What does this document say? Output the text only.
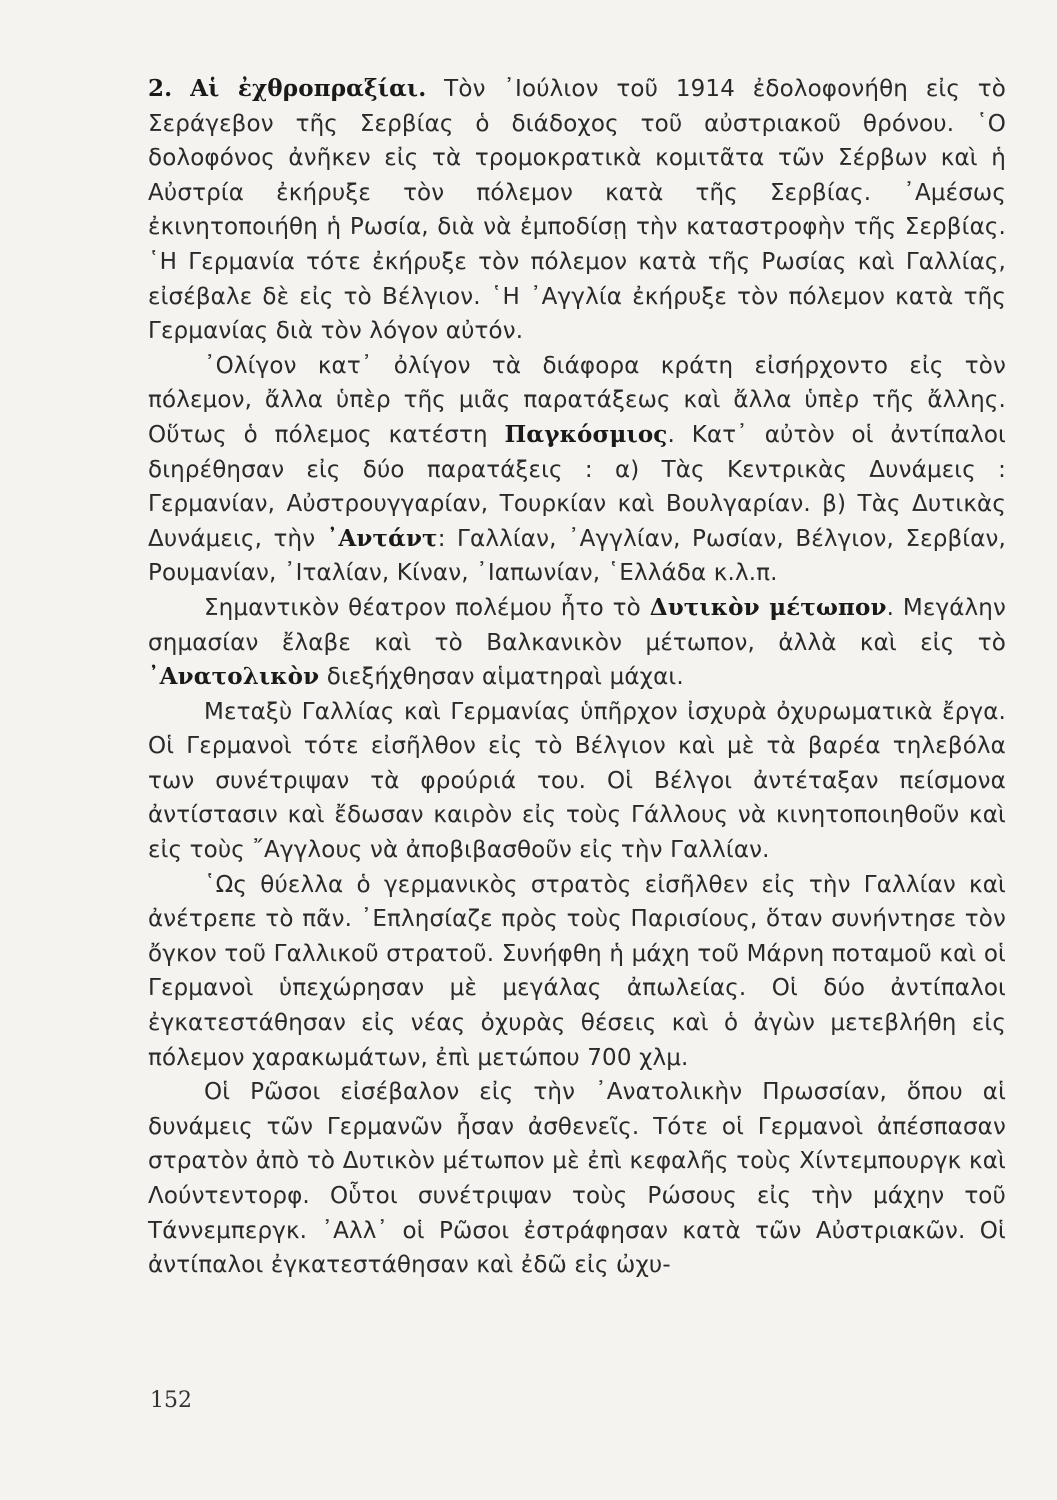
2. Αἱ ἐχθροπραξίαι. Τὸν ᾿Ιούλιον τοῦ 1914 ἐδολοφονήθη εἰς τὸ Σεράγεβον τῆς Σερβίας ὁ διάδοχος τοῦ αὐστριακοῦ θρόνου. ῾Ο δολοφόνος ἀνῆκεν εἰς τὰ τρομοκρατικὰ κομιτᾶτα τῶν Σέρβων καὶ ἡ Αὐστρία ἐκήρυξε τὸν πόλεμον κατὰ τῆς Σερβίας. ᾿Αμέσως ἐκινητοποιήθη ἡ Ρωσία, διὰ νὰ ἐμποδίσῃ τὴν καταστροφὴν τῆς Σερβίας. ῾Η Γερμανία τότε ἐκήρυξε τὸν πόλεμον κατὰ τῆς Ρωσίας καὶ Γαλλίας, εἰσέβαλε δὲ εἰς τὸ Βέλγιον. ῾Η ᾿Αγγλία ἐκήρυξε τὸν πόλεμον κατὰ τῆς Γερμανίας διὰ τὸν λόγον αὐτόν.

᾿Ολίγον κατ᾿ ὀλίγον τὰ διάφορα κράτη εἰσήρχοντο εἰς τὸν πόλεμον, ἄλλα ὑπὲρ τῆς μιᾶς παρατάξεως καὶ ἄλλα ὑπὲρ τῆς ἄλλης. Οὕτως ὁ πόλεμος κατέστη Παγκόσμιος. Κατ᾿ αὐτὸν οἱ ἀντίπαλοι διηρέθησαν εἰς δύο παρατάξεις : α) Τὰς Κεντρικὰς Δυνάμεις : Γερμανίαν, Αὐστρουγγαρίαν, Τουρκίαν καὶ Βουλγαρίαν. β) Τὰς Δυτικὰς Δυνάμεις, τὴν ᾿Αντάντ: Γαλλίαν, ᾿Αγγλίαν, Ρωσίαν, Βέλγιον, Σερβίαν, Ρουμανίαν, ᾿Ιταλίαν, Κίναν, ᾿Ιαπωνίαν, ῾Ελλάδα κ.λ.π.

Σημαντικὸν θέατρον πολέμου ἦτο τὸ Δυτικὸν μέτωπον. Μεγάλην σημασίαν ἔλαβε καὶ τὸ Βαλκανικὸν μέτωπον, ἀλλὰ καὶ εἰς τὸ ᾿Ανατολικὸν διεξήχθησαν αἱματηραὶ μάχαι.

Μεταξὺ Γαλλίας καὶ Γερμανίας ὑπῆρχον ἰσχυρὰ ὀχυρωματικὰ ἔργα. Οἱ Γερμανοὶ τότε εἰσῆλθον εἰς τὸ Βέλγιον καὶ μὲ τὰ βαρέα τηλεβόλα των συνέτριψαν τὰ φρούριά του. Οἱ Βέλγοι ἀντέταξαν πείσμονα ἀντίστασιν καὶ ἔδωσαν καιρὸν εἰς τοὺς Γάλλους νὰ κινητοποιηθοῦν καὶ εἰς τοὺς ῎Αγγλους νὰ ἀποβιβασθοῦν εἰς τὴν Γαλλίαν.

῾Ως θύελλα ὁ γερμανικὸς στρατὸς εἰσῆλθεν εἰς τὴν Γαλλίαν καὶ ἀνέτρεπε τὸ πᾶν. ᾿Επλησίαζε πρὸς τοὺς Παρισίους, ὅταν συνήντησε τὸν ὄγκον τοῦ Γαλλικοῦ στρατοῦ. Συνήφθη ἡ μάχη τοῦ Μάρνη ποταμοῦ καὶ οἱ Γερμανοὶ ὑπεχώρησαν μὲ μεγάλας ἀπωλείας. Οἱ δύο ἀντίπαλοι ἐγκατεστάθησαν εἰς νέας ὀχυρὰς θέσεις καὶ ὁ ἀγὼν μετεβλήθη εἰς πόλεμον χαρακωμάτων, ἐπὶ μετώπου 700 χλμ.

Οἱ Ρῶσοι εἰσέβαλον εἰς τὴν ᾿Ανατολικὴν Πρωσσίαν, ὅπου αἱ δυνάμεις τῶν Γερμανῶν ἦσαν ἀσθενεῖς. Τότε οἱ Γερμανοὶ ἀπέσπασαν στρατὸν ἀπὸ τὸ Δυτικὸν μέτωπον μὲ ἐπὶ κεφαλῆς τοὺς Χίντεμπουργκ καὶ Λούντεντορφ. Οὗτοι συνέτριψαν τοὺς Ρώσους εἰς τὴν μάχην τοῦ Τάννεμπεργκ. ᾿Αλλ᾿ οἱ Ρῶσοι ἐστράφησαν κατὰ τῶν Αὐστριακῶν. Οἱ ἀντίπαλοι ἐγκατεστάθησαν καὶ ἐδῶ εἰς ὠχυ-

152
